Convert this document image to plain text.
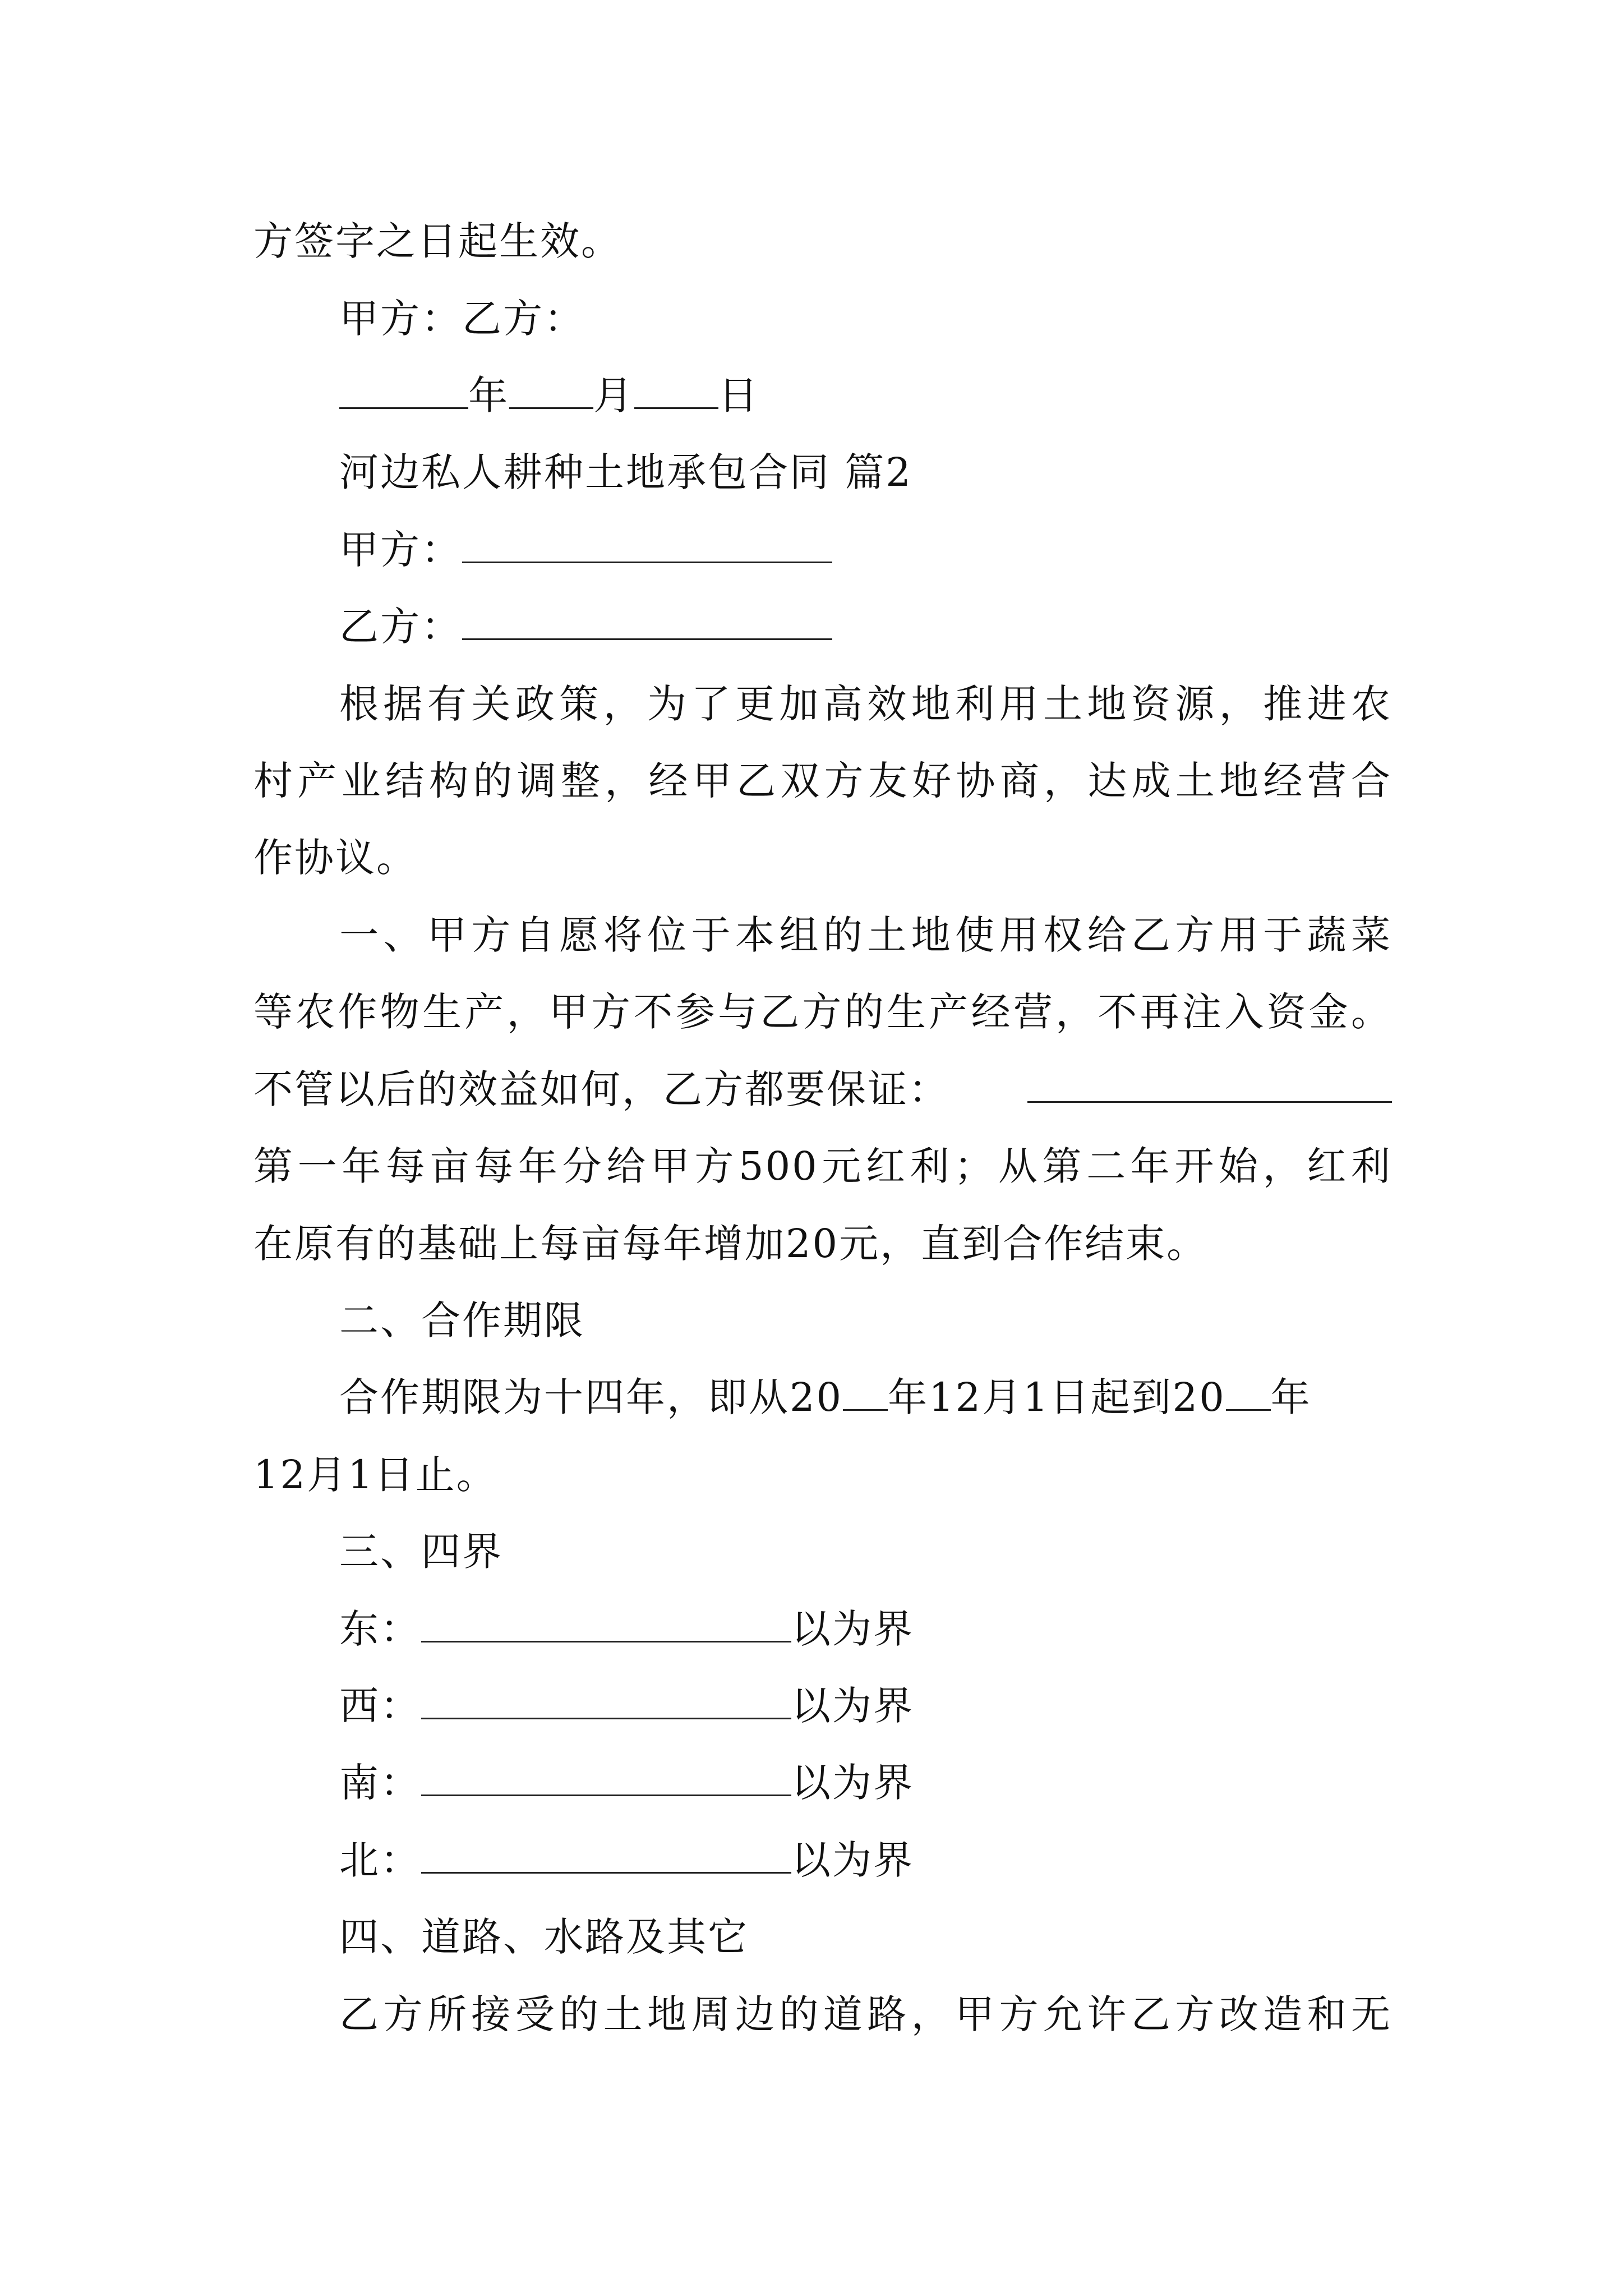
方签字之日起生效。
甲方：乙方：
年 月 日
河边私人耕种土地承包合同 篇2
甲方：
乙方：
根据有关政策，为了更加高效地利用土地资源，推进农
村产业结构的调整，经甲乙双方友好协商，达成土地经营合
作协议。
一、甲方自愿将位于本组的土地使用权给乙方用于蔬菜
等农作物生产，甲方不参与乙方的生产经营，不再注入资金。
不管以后的效益如何，乙方都要保证：
第一年每亩每年分给甲方500元红利；从第二年开始，红利
在原有的基础上每亩每年增加20元，直到合作结束。
二、合作期限
合作期限为十四年，即从20 年12月1日起到20 年
12月1日止。
三、四界
东：	以为界
西：	以为界
南：	以为界
北：	以为界
四、道路、水路及其它
乙方所接受的土地周边的道路，甲方允许乙方改造和无
